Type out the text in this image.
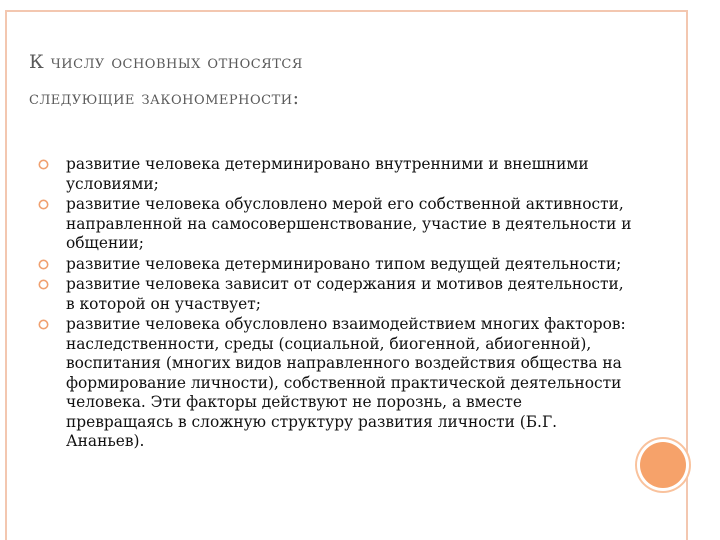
К числу основных относятся
следующие закономерности:
развитие человека детерминировано внутренними и внешними условиями;
развитие человека обусловлено мерой его собственной активности, направленной на самосовершенствование, участие в деятельности и общении;
развитие человека детерминировано типом ведущей деятельности;
развитие человека зависит от содержания и мотивов деятельности, в которой он участвует;
развитие человека обусловлено взаимодействием многих факторов: наследственности, среды (социальной, биогенной, абиогенной), воспитания (многих видов направленного воздействия общества на формирование личности), собственной практической деятельности человека. Эти факторы действуют не порознь, а вместе превращаясь в сложную структуру развития личности (Б.Г. Ананьев).
